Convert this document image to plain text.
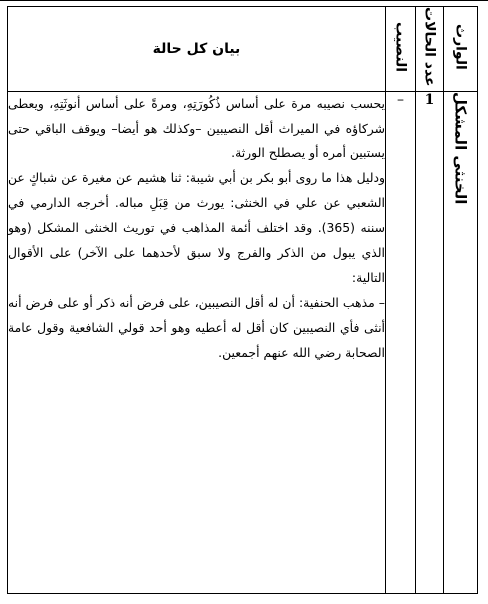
الوارث	عدد الحالات	النصيب	بيان كل حالة
الخنثى المشكل	1	–	يحسب نصيبه مرة على أساس ذُكُورَتِهِ، ومرةً على أساس أنوثَتِهِ، ويعطى شركاؤه في الميراث أقل النصيبين –وكذلك هو أيضا– ويوقف الباقي حتى يستبين أمره أو يصطلح الورثة.

ودليل هذا ما روى أبو بكر بن أبي شيبة: ثنا هشيم عن مغيرة عن شباكٍ عن الشعبي عن علي في الخنثى: يورث من قِبَلِ مباله. أخرجه الدارمي في سننه (365). وقد اختلف أئمة المذاهب في توريث الخنثى المشكل (وهو الذي يبول من الذكر والفرج ولا سبق لأحدهما على الآخر) على الأقوال التالية:

– مذهب الحنفية: أن له أقل النصيبين، على فرض أنه ذكر أو على فرض أنه أنثى فأي النصيبين كان أقل له أعطيه وهو أحد قولي الشافعية وقول عامة الصحابة رضي الله عنهم أجمعين.
